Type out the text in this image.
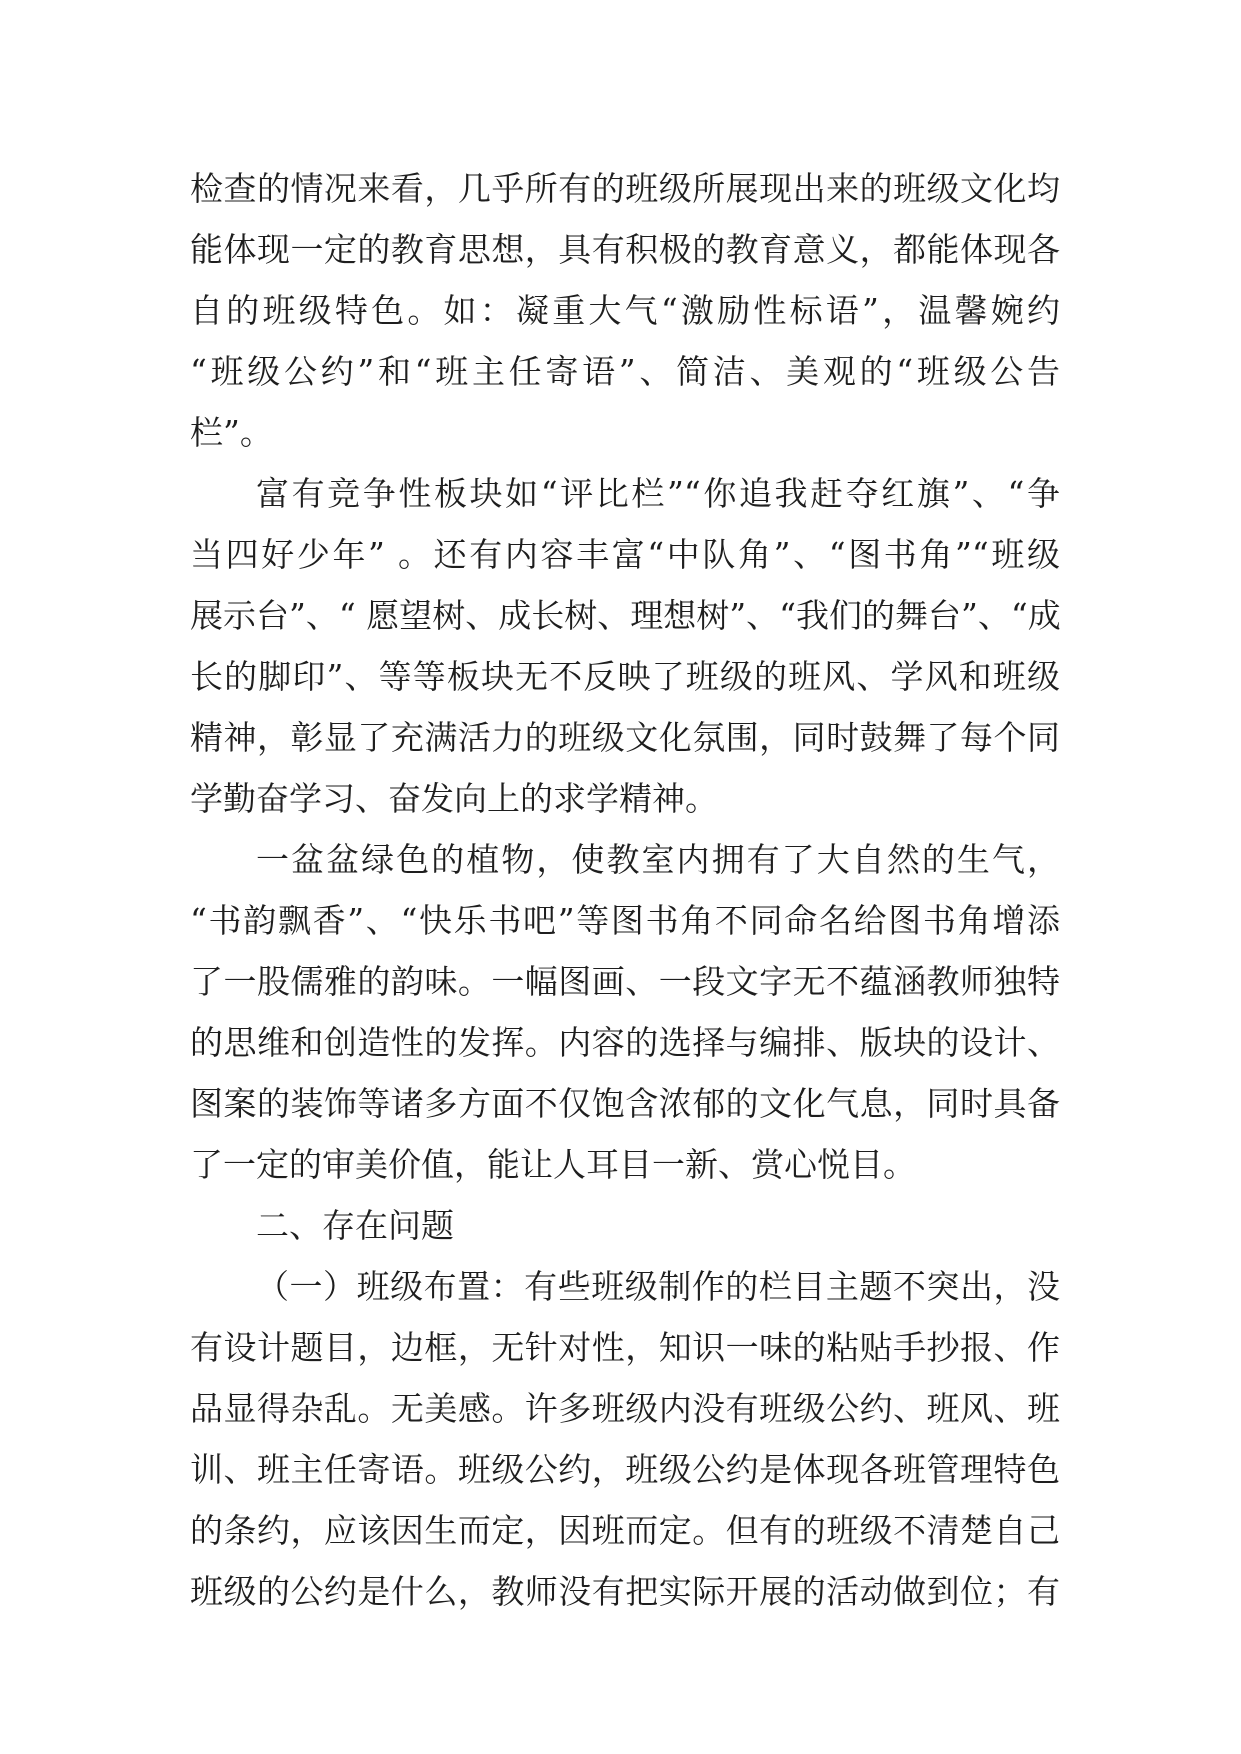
检查的情况来看，几乎所有的班级所展现出来的班级文化均
能体现一定的教育思想，具有积极的教育意义，都能体现各
自的班级特色。如：凝重大气“激励性标语”，温馨婉约
“班级公约”和“班主任寄语”、简洁、美观的“班级公告
栏”。
富有竞争性板块如“评比栏”“你追我赶夺红旗”、“争
当四好少年” 。还有内容丰富“中队角”、“图书角”“班级
展示台”、“ 愿望树、成长树、理想树”、“我们的舞台”、“成
长的脚印”、等等板块无不反映了班级的班风、学风和班级
精神，彰显了充满活力的班级文化氛围，同时鼓舞了每个同
学勤奋学习、奋发向上的求学精神。
一盆盆绿色的植物，使教室内拥有了大自然的生气，
“书韵飘香”、“快乐书吧”等图书角不同命名给图书角增添
了一股儒雅的韵味。一幅图画、一段文字无不蕴涵教师独特
的思维和创造性的发挥。内容的选择与编排、版块的设计、
图案的装饰等诸多方面不仅饱含浓郁的文化气息，同时具备
了一定的审美价值，能让人耳目一新、赏心悦目。
二、存在问题
（一）班级布置：有些班级制作的栏目主题不突出，没
有设计题目，边框，无针对性，知识一味的粘贴手抄报、作
品显得杂乱。无美感。许多班级内没有班级公约、班风、班
训、班主任寄语。班级公约，班级公约是体现各班管理特色
的条约，应该因生而定，因班而定。但有的班级不清楚自己
班级的公约是什么，教师没有把实际开展的活动做到位；有
